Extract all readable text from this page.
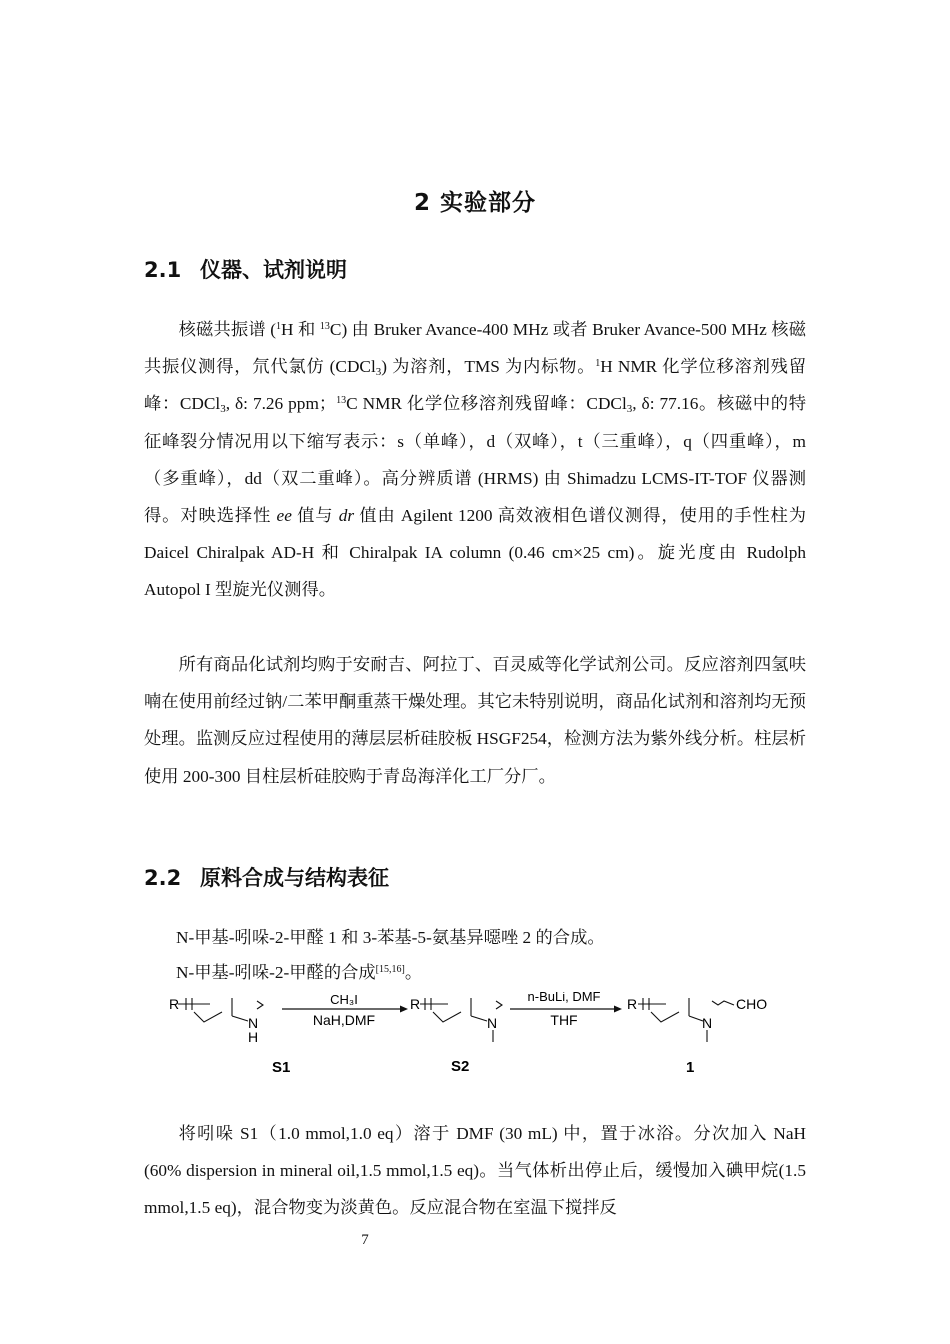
2 实验部分
2.1 仪器、试剂说明
核磁共振谱 ($^1$H 和 $^{13}$C) 由 Bruker Avance-400 MHz 或者 Bruker Avance-500 MHz 核磁共振仪测得，氘代氯仿 (CDCl$_3$) 为溶剂，TMS 为内标物。$^1$H NMR 化学位移溶剂残留峰：CDCl$_3$, δ: 7.26 ppm；$^{13}$C NMR 化学位移溶剂残留峰：CDCl$_3$, δ: 77.16。核磁中的特征峰裂分情况用以下缩写表示：s（单峰），d（双峰），t（三重峰），q（四重峰），m（多重峰），dd（双二重峰）。高分辨质谱 (HRMS) 由 Shimadzu LCMS-IT-TOF 仪器测得。对映选择性 ee 值与 dr 值由 Agilent 1200 高效液相色谱仪测得，使用的手性柱为 Daicel Chiralpak AD-H 和 Chiralpak IA column (0.46 cm×25 cm)。旋光度由 Rudolph Autopol I 型旋光仪测得。
所有商品化试剂均购于安耐吉、阿拉丁、百灵威等化学试剂公司。反应溶剂四氢呋喃在使用前经过钠/二苯甲酮重蒸干燥处理。其它未特别说明，商品化试剂和溶剂均无预处理。监测反应过程使用的薄层层析硅胶板 HSGF254，检测方法为紫外线分析。柱层析使用 200-300 目柱层析硅胶购于青岛海洋化工厂分厂。
2.2 原料合成与结构表征
N-甲基-吲哚-2-甲醛 1 和 3-苯基-5-氨基异噁唑 2 的合成。
N-甲基-吲哚-2-甲醛的合成[15,16]。
R
N
H
S1
CH₃I
NaH,DMF
R
N
S2
n-BuLi, DMF
THF
R
N
CHO
1
将吲哚 S1（1.0 mmol,1.0 eq）溶于 DMF (30 mL) 中，置于冰浴。分次加入 NaH (60% dispersion in mineral oil,1.5 mmol,1.5 eq)。当气体析出停止后，缓慢加入碘甲烷(1.5 mmol,1.5 eq)，混合物变为淡黄色。反应混合物在室温下搅拌反
7
